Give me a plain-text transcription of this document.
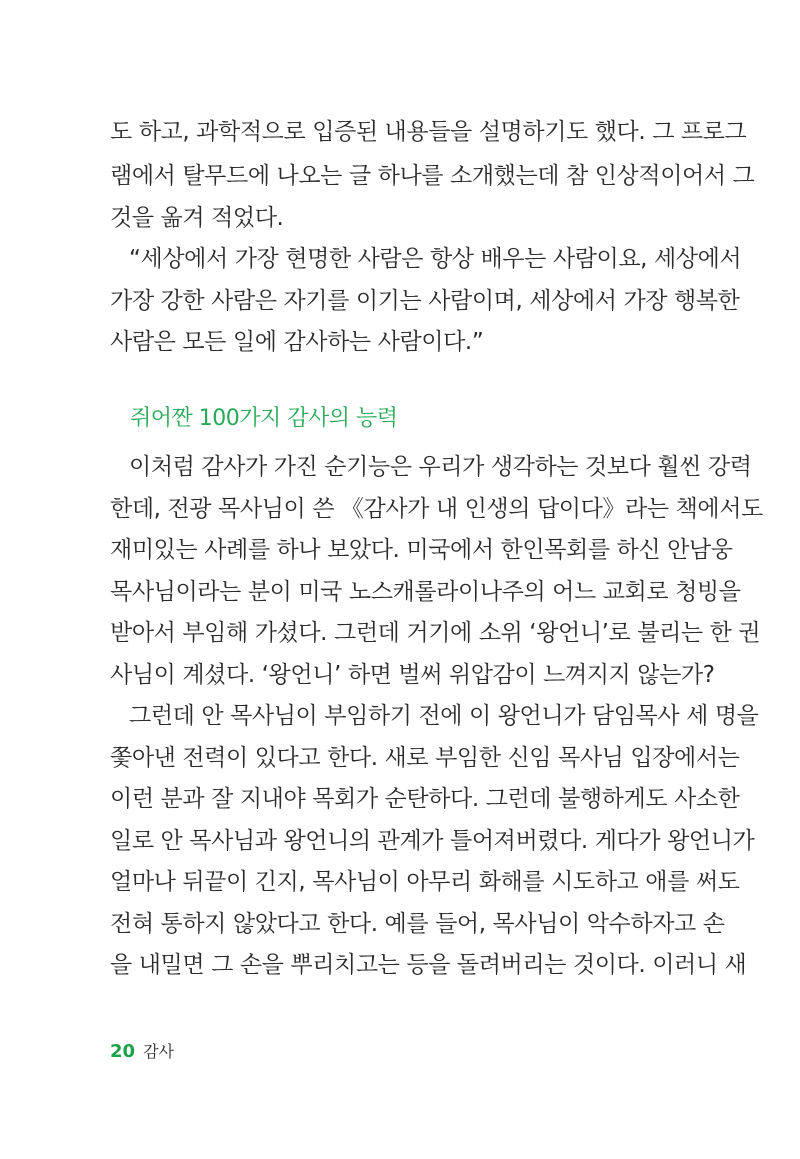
도 하고, 과학적으로 입증된 내용들을 설명하기도 했다. 그 프로그
램에서 탈무드에 나오는 글 하나를 소개했는데 참 인상적이어서 그
것을 옮겨 적었다.
“세상에서 가장 현명한 사람은 항상 배우는 사람이요, 세상에서
가장 강한 사람은 자기를 이기는 사람이며, 세상에서 가장 행복한
사람은 모든 일에 감사하는 사람이다.”
쥐어짠 100가지 감사의 능력
이처럼 감사가 가진 순기능은 우리가 생각하는 것보다 훨씬 강력
한데, 전광 목사님이 쓴 《감사가 내 인생의 답이다》라는 책에서도
재미있는 사례를 하나 보았다. 미국에서 한인목회를 하신 안남웅
목사님이라는 분이 미국 노스캐롤라이나주의 어느 교회로 청빙을
받아서 부임해 가셨다. 그런데 거기에 소위 ‘왕언니’로 불리는 한 권
사님이 계셨다. ‘왕언니’ 하면 벌써 위압감이 느껴지지 않는가?
그런데 안 목사님이 부임하기 전에 이 왕언니가 담임목사 세 명을
쫓아낸 전력이 있다고 한다. 새로 부임한 신임 목사님 입장에서는
이런 분과 잘 지내야 목회가 순탄하다. 그런데 불행하게도 사소한
일로 안 목사님과 왕언니의 관계가 틀어져버렸다. 게다가 왕언니가
얼마나 뒤끝이 긴지, 목사님이 아무리 화해를 시도하고 애를 써도
전혀 통하지 않았다고 한다. 예를 들어, 목사님이 악수하자고 손
을 내밀면 그 손을 뿌리치고는 등을 돌려버리는 것이다. 이러니 새
20 감사
